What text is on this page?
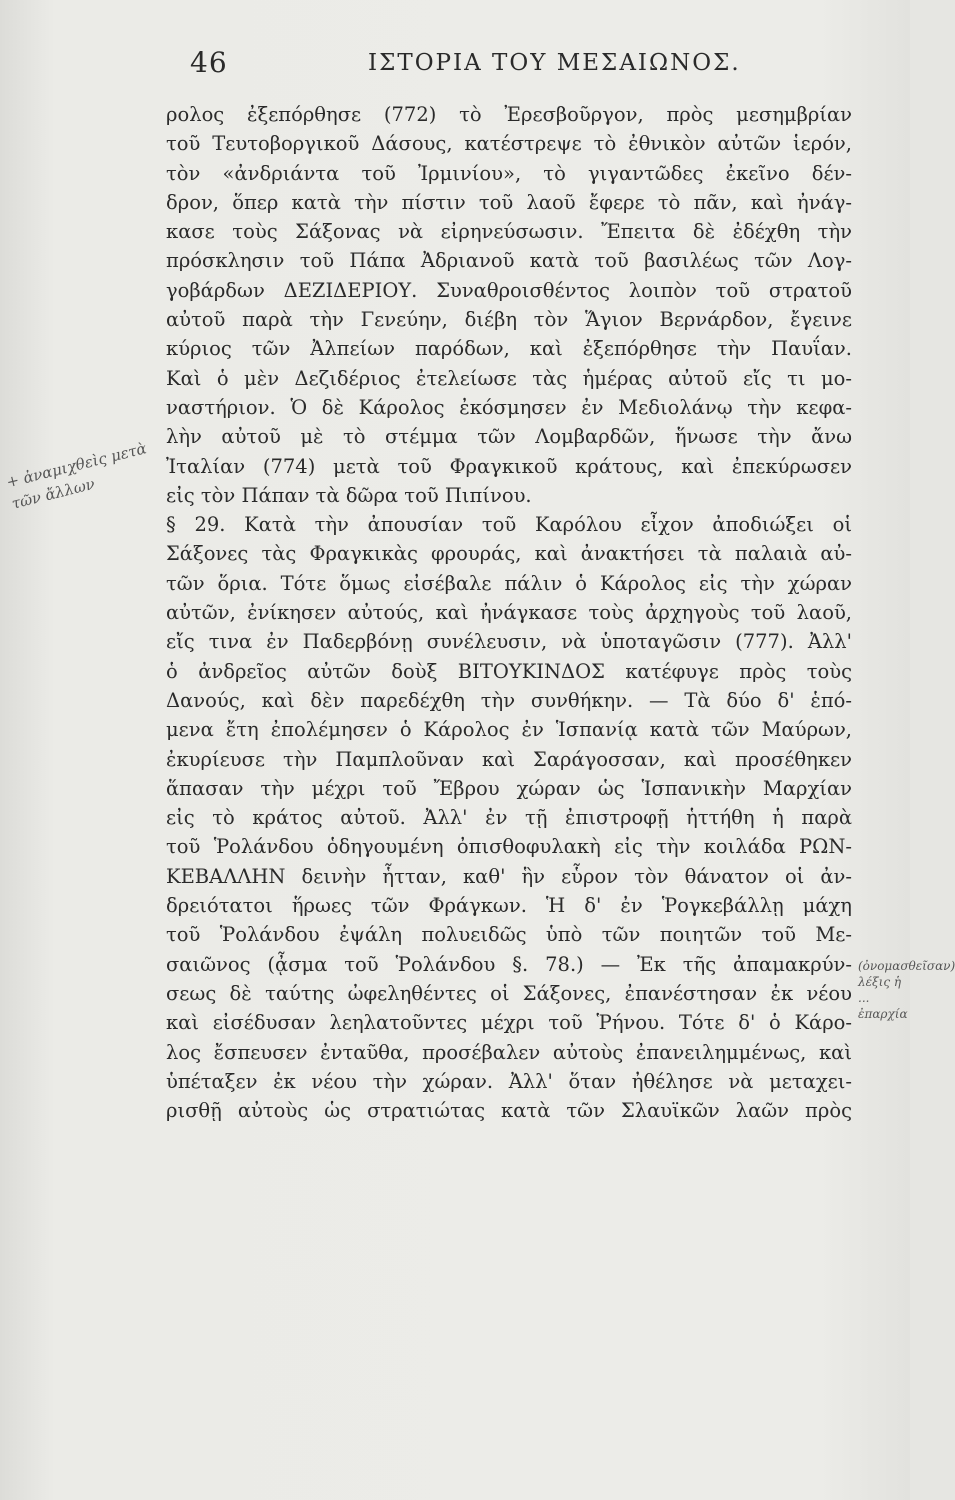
46	ΙΣΤΟΡΙΑ ΤΟΥ ΜΕΣΑΙΩΝΟΣ.
ρολος ἐξεπόρθησε (772) τὸ Ἐρεσβοῦργον, πρὸς μεσημβρίαν
τοῦ Τευτοβοργικοῦ Δάσους, κατέστρεψε τὸ ἐθνικὸν αὐτῶν ἱερόν,
τὸν «ἀνδριάντα τοῦ Ἰρμινίου», τὸ γιγαντῶδες ἐκεῖνο δέν-
δρον, ὅπερ κατὰ τὴν πίστιν τοῦ λαοῦ ἔφερε τὸ πᾶν, καὶ ἠνάγ-
κασε τοὺς Σάξονας νὰ εἰρηνεύσωσιν. Ἔπειτα δὲ ἐδέχθη τὴν
πρόσκλησιν τοῦ Πάπα Ἀδριανοῦ κατὰ τοῦ βασιλέως τῶν Λογ-
γοβάρδων ΔΕΖΙΔΕΡΙΟΥ. Συναθροισθέντος λοιπὸν τοῦ στρατοῦ
αὐτοῦ παρὰ τὴν Γενεύην, διέβη τὸν Ἅγιον Βερνάρδον, ἔγεινε
κύριος τῶν Ἀλπείων παρόδων, καὶ ἐξεπόρθησε τὴν Παυΐαν.
Καὶ ὁ μὲν Δεζιδέριος ἐτελείωσε τὰς ἡμέρας αὐτοῦ εἴς τι μο-
ναστήριον. Ὁ δὲ Κάρολος ἐκόσμησεν ἐν Μεδιολάνῳ τὴν κεφα-
λὴν αὐτοῦ μὲ τὸ στέμμα τῶν Λομβαρδῶν, ἥνωσε τὴν ἄνω
Ἰταλίαν (774) μετὰ τοῦ Φραγκικοῦ κράτους, καὶ ἐπεκύρωσεν
εἰς τὸν Πάπαν τὰ δῶρα τοῦ Πιπίνου.
§ 29. Κατὰ τὴν ἀπουσίαν τοῦ Καρόλου εἶχον ἀποδιώξει οἱ
Σάξονες τὰς Φραγκικὰς φρουράς, καὶ ἀνακτήσει τὰ παλαιὰ αὐ-
τῶν ὅρια. Τότε ὅμως εἰσέβαλε πάλιν ὁ Κάρολος εἰς τὴν χώραν
αὐτῶν, ἐνίκησεν αὐτούς, καὶ ἠνάγκασε τοὺς ἀρχηγοὺς τοῦ λαοῦ,
εἴς τινα ἐν Παδερβόνῃ συνέλευσιν, νὰ ὑποταγῶσιν (777). Ἀλλ'
ὁ ἀνδρεῖος αὐτῶν δοὺξ ΒΙΤΟΥΚΙΝΔΟΣ κατέφυγε πρὸς τοὺς
Δανούς, καὶ δὲν παρεδέχθη τὴν συνθήκην. — Τὰ δύο δ' ἑπό-
μενα ἔτη ἐπολέμησεν ὁ Κάρολος ἐν Ἱσπανίᾳ κατὰ τῶν Μαύρων,
ἐκυρίευσε τὴν Παμπλοῦναν καὶ Σαράγοσσαν, καὶ προσέθηκεν
ἅπασαν τὴν μέχρι τοῦ Ἔβρου χώραν ὡς Ἱσπανικὴν Μαρχίαν
εἰς τὸ κράτος αὐτοῦ. Ἀλλ' ἐν τῇ ἐπιστροφῇ ἡττήθη ἡ παρὰ
τοῦ Ῥολάνδου ὁδηγουμένη ὀπισθοφυλακὴ εἰς τὴν κοιλάδα ΡΩΝ-
ΚΕΒΑΛΛΗΝ δεινὴν ἧτταν, καθ' ἣν εὗρον τὸν θάνατον οἱ ἀν-
δρειότατοι ἥρωες τῶν Φράγκων. Ἡ δ' ἐν Ῥογκεβάλλῃ μάχη
τοῦ Ῥολάνδου ἐψάλη πολυειδῶς ὑπὸ τῶν ποιητῶν τοῦ Με-
σαιῶνος (ᾆσμα τοῦ Ῥολάνδου §. 78.) — Ἐκ τῆς ἀπαμακρύν-
σεως δὲ ταύτης ὠφεληθέντες οἱ Σάξονες, ἐπανέστησαν ἐκ νέου
καὶ εἰσέδυσαν λεηλατοῦντες μέχρι τοῦ Ῥήνου. Τότε δ' ὁ Κάρο-
λος ἔσπευσεν ἐνταῦθα, προσέβαλεν αὐτοὺς ἐπανειλημμένως, καὶ
ὑπέταξεν ἐκ νέου τὴν χώραν. Ἀλλ' ὅταν ἠθέλησε νὰ μεταχει-
ρισθῇ αὐτοὺς ὡς στρατιώτας κατὰ τῶν Σλαυϊκῶν λαῶν πρὸς
+ ἀναμιχθεὶς μετὰ τῶν ἄλλων
(ὀνομασθεῖσαν) λέξις ἡ ... ἐπαρχία
